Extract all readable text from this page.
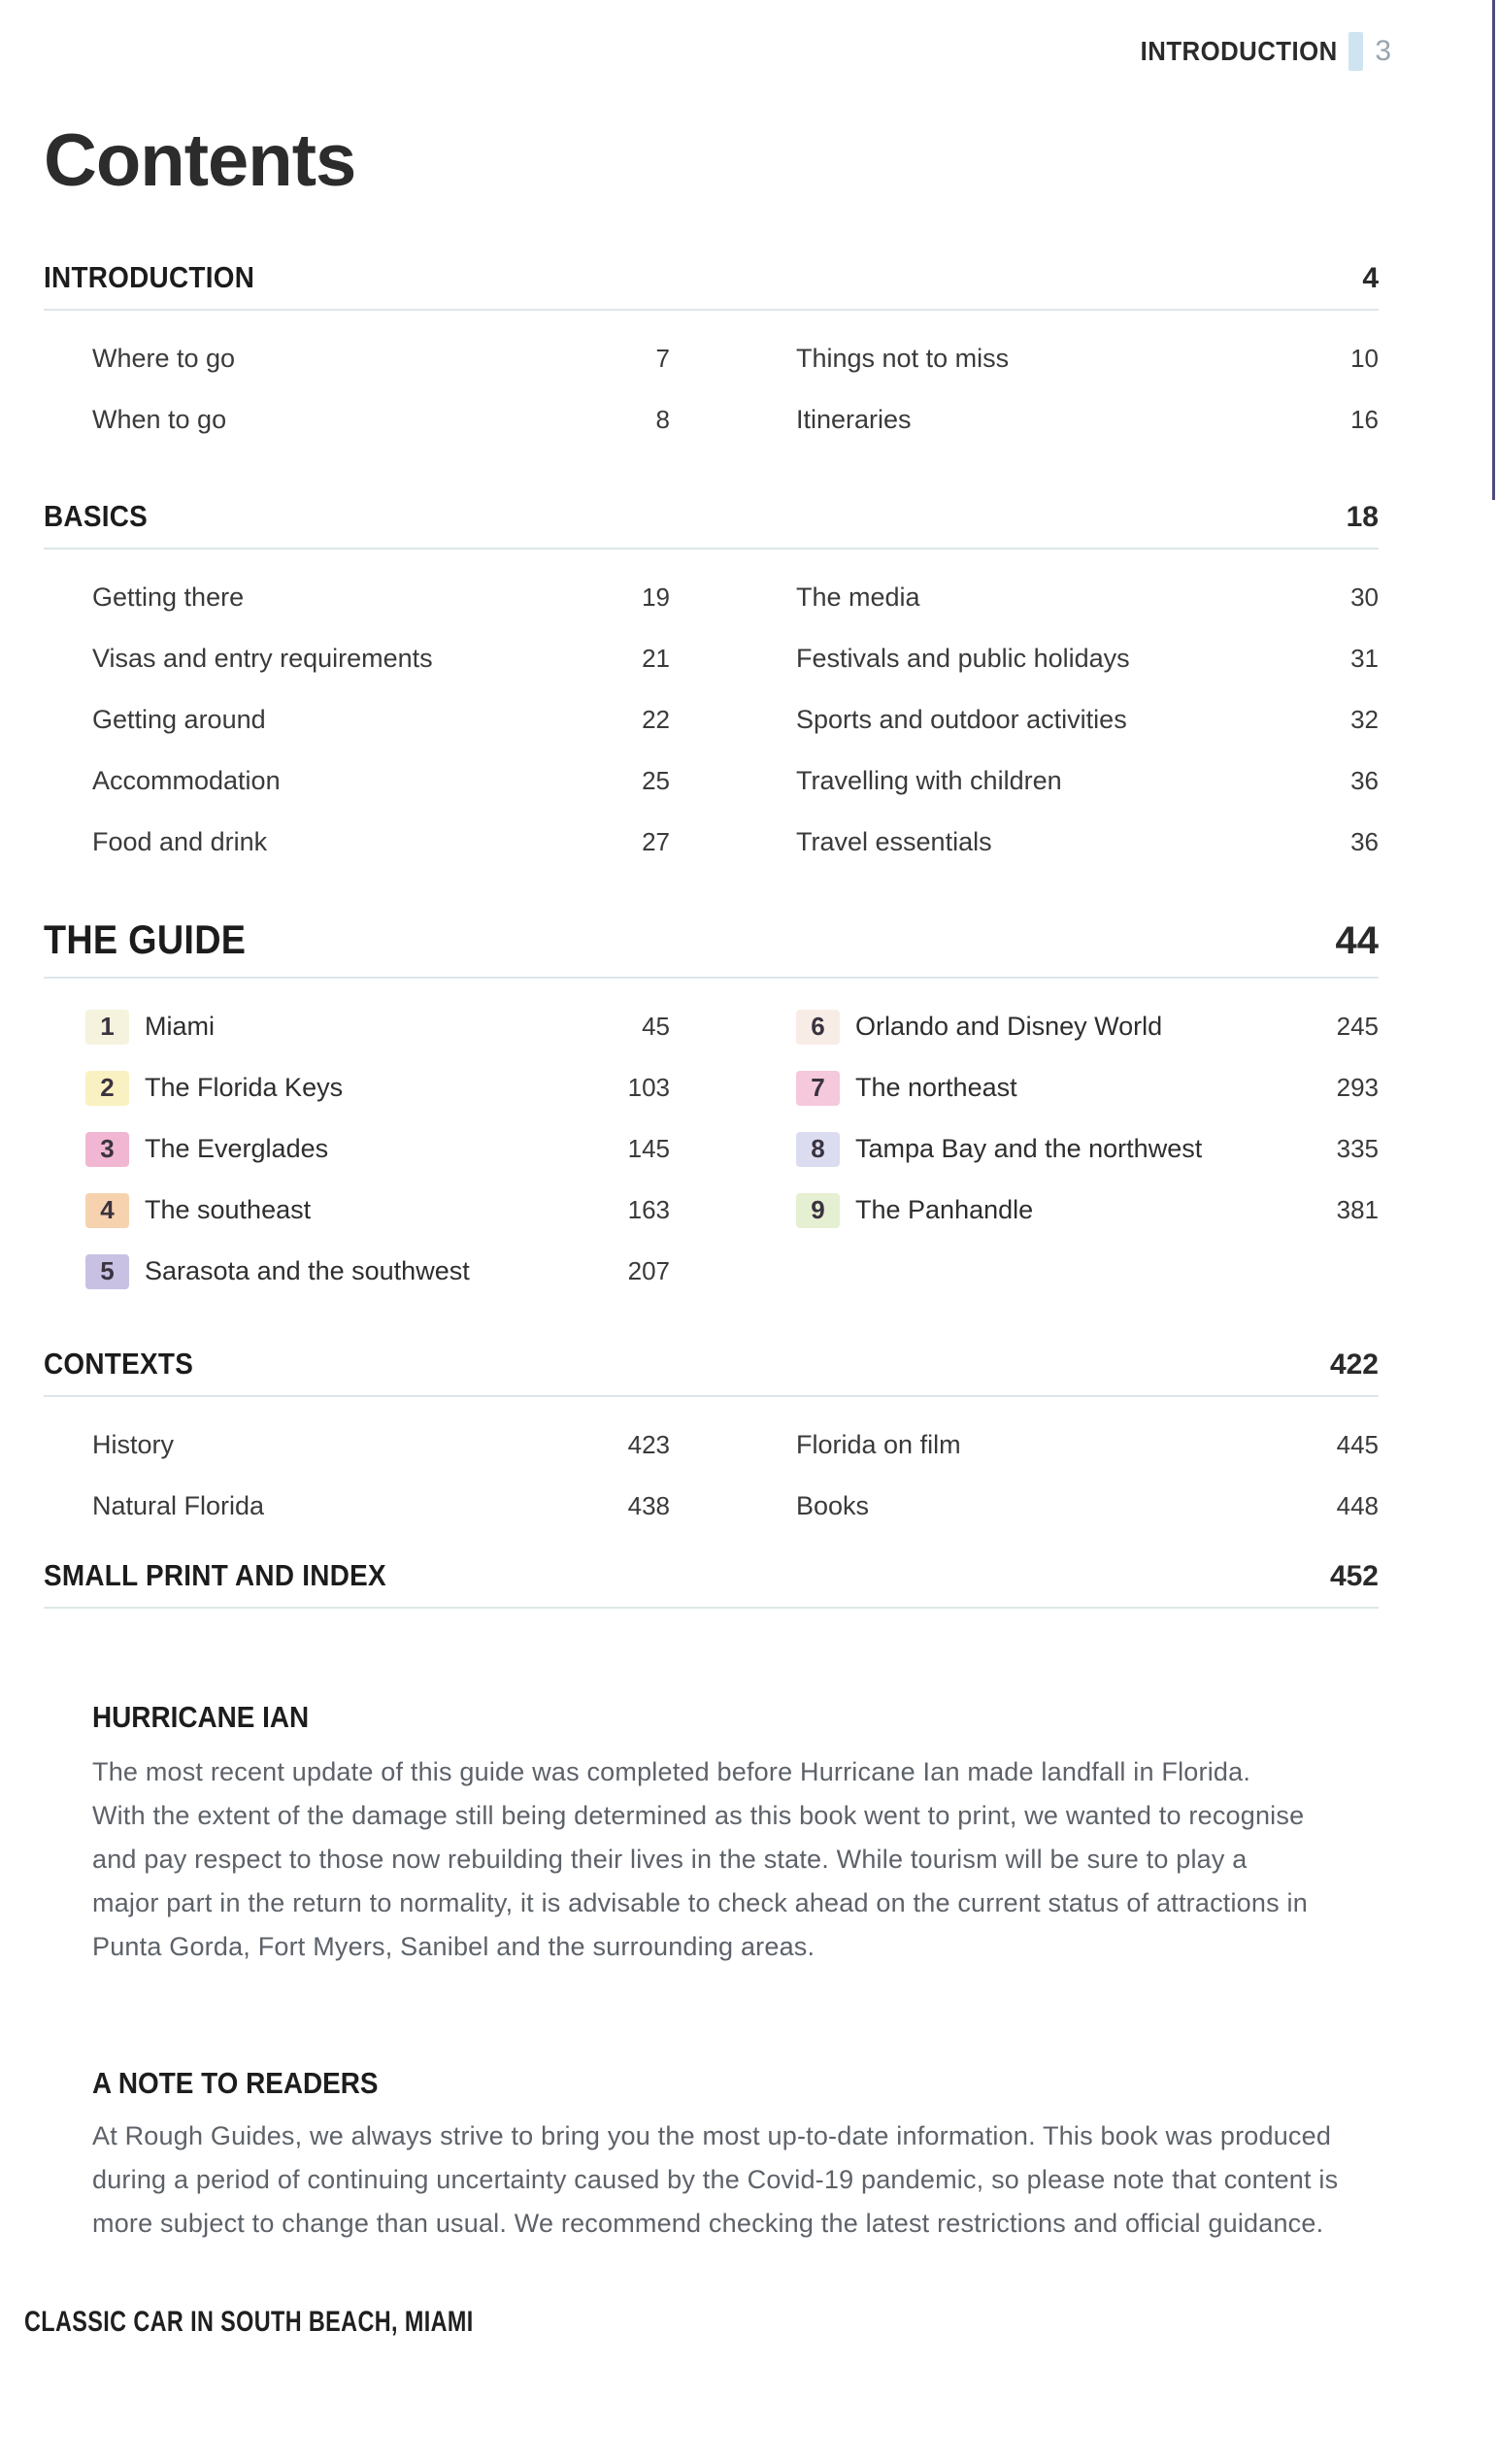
INTRODUCTION 3
Contents
INTRODUCTION	4
Where to go	7
When to go	8
Things not to miss	10
Itineraries	16
BASICS	18
Getting there	19
Visas and entry requirements	21
Getting around	22
Accommodation	25
Food and drink	27
The media	30
Festivals and public holidays	31
Sports and outdoor activities	32
Travelling with children	36
Travel essentials	36
THE GUIDE	44
1	Miami	45
2	The Florida Keys	103
3	The Everglades	145
4	The southeast	163
5	Sarasota and the southwest	207
6	Orlando and Disney World	245
7	The northeast	293
8	Tampa Bay and the northwest	335
9	The Panhandle	381
CONTEXTS	422
History	423
Natural Florida	438
Florida on film	445
Books	448
SMALL PRINT AND INDEX	452
HURRICANE IAN
The most recent update of this guide was completed before Hurricane Ian made landfall in Florida. With the extent of the damage still being determined as this book went to print, we wanted to recognise and pay respect to those now rebuilding their lives in the state. While tourism will be sure to play a major part in the return to normality, it is advisable to check ahead on the current status of attractions in Punta Gorda, Fort Myers, Sanibel and the surrounding areas.
A NOTE TO READERS
At Rough Guides, we always strive to bring you the most up-to-date information. This book was produced during a period of continuing uncertainty caused by the Covid-19 pandemic, so please note that content is more subject to change than usual. We recommend checking the latest restrictions and official guidance.
CLASSIC CAR IN SOUTH BEACH, MIAMI
